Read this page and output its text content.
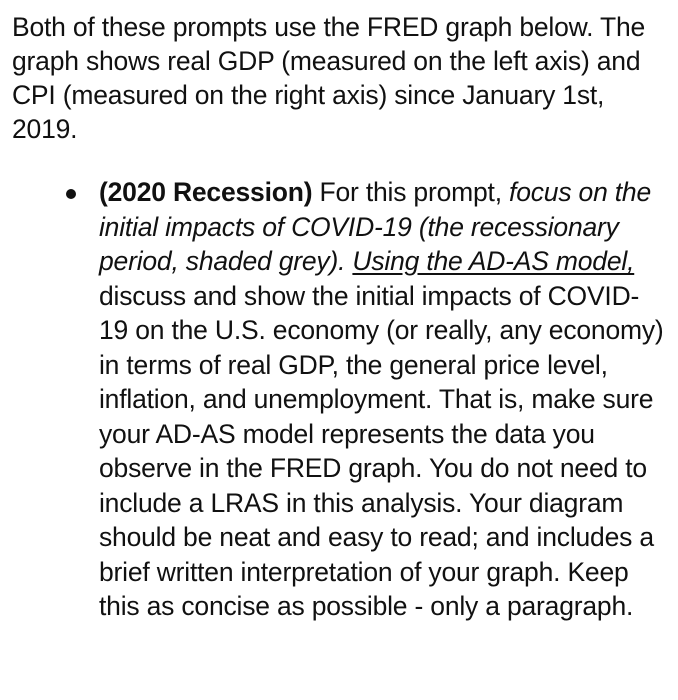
Both of these prompts use the FRED graph below. The graph shows real GDP (measured on the left axis) and CPI (measured on the right axis) since January 1st, 2019.

(2020 Recession) For this prompt, focus on the initial impacts of COVID-19 (the recessionary period, shaded grey). Using the AD-AS model, discuss and show the initial impacts of COVID-19 on the U.S. economy (or really, any economy) in terms of real GDP, the general price level, inflation, and unemployment. That is, make sure your AD-AS model represents the data you observe in the FRED graph. You do not need to include a LRAS in this analysis. Your diagram should be neat and easy to read; and includes a brief written interpretation of your graph. Keep this as concise as possible - only a paragraph.
